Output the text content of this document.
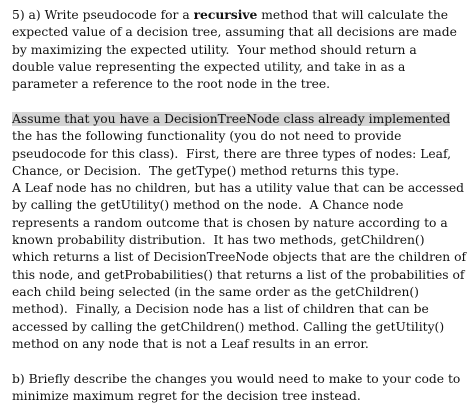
5) a) Write pseudocode for a recursive method that will calculate the
expected value of a decision tree, assuming that all decisions are made
by maximizing the expected utility.  Your method should return a
double value representing the expected utility, and take in as a
parameter a reference to the root node in the tree.
Assume that you have a DecisionTreeNode class already implemented
the has the following functionality (you do not need to provide
pseudocode for this class).  First, there are three types of nodes: Leaf,
Chance, or Decision.  The getType() method returns this type.
A Leaf node has no children, but has a utility value that can be accessed
by calling the getUtility() method on the node.  A Chance node
represents a random outcome that is chosen by nature according to a
known probability distribution.  It has two methods, getChildren()
which returns a list of DecisionTreeNode objects that are the children of
this node, and getProbabilities() that returns a list of the probabilities of
each child being selected (in the same order as the getChildren()
method).  Finally, a Decision node has a list of children that can be
accessed by calling the getChildren() method. Calling the getUtility()
method on any node that is not a Leaf results in an error.
b) Briefly describe the changes you would need to make to your code to
minimize maximum regret for the decision tree instead.
